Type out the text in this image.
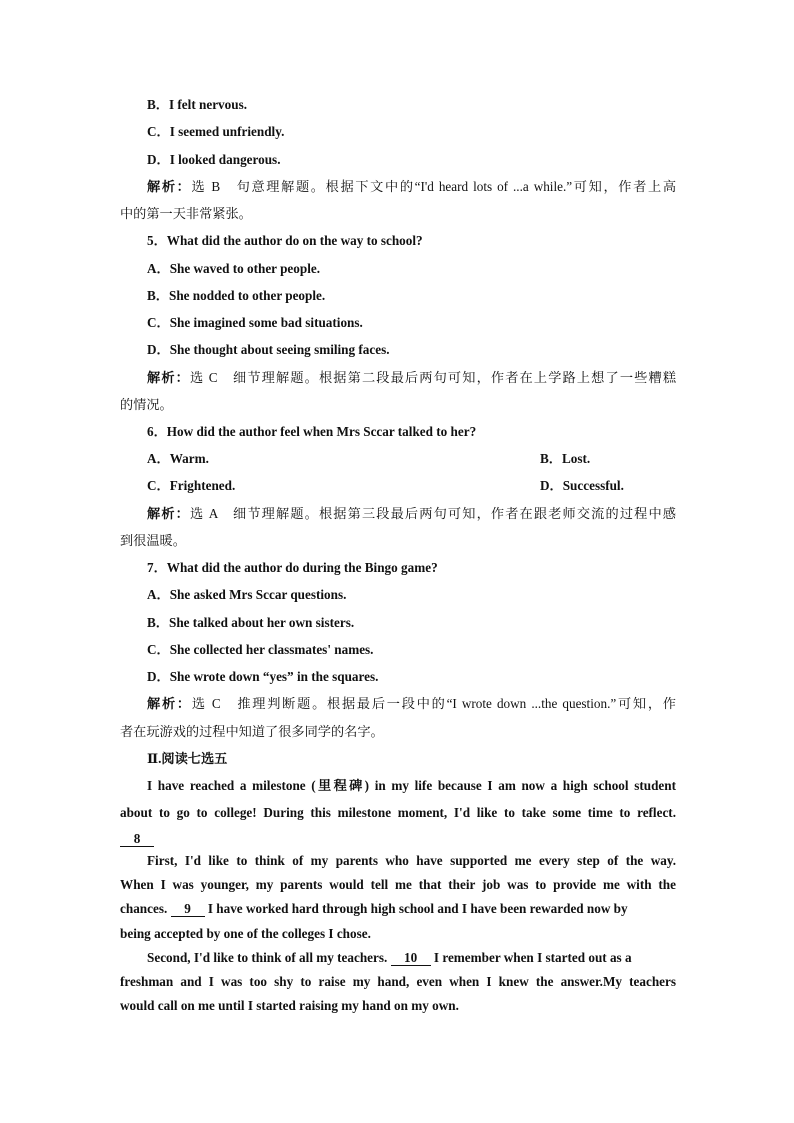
B．I felt nervous.
C．I seemed unfriendly.
D．I looked dangerous.
解析：选 B　句意理解题。根据下文中的“I'd heard lots of ...a while.”可知，作者上高
中的第一天非常紧张。
5．What did the author do on the way to school?
A．She waved to other people.
B．She nodded to other people.
C．She imagined some bad situations.
D．She thought about seeing smiling faces.
解析：选 C　细节理解题。根据第二段最后两句可知，作者在上学路上想了一些糟糕
的情况。
6．How did the author feel when Mrs Sccar talked to her?
A．Warm.	B．Lost.
C．Frightened.	D．Successful.
解析：选 A　细节理解题。根据第三段最后两句可知，作者在跟老师交流的过程中感
到很温暖。
7．What did the author do during the Bingo game?
A．She asked Mrs Sccar questions.
B．She talked about her own sisters.
C．She collected her classmates' names.
D．She wrote down “yes” in the squares.
解析：选 C　推理判断题。根据最后一段中的“I wrote down ...the question.”可知，作
者在玩游戏的过程中知道了很多同学的名字。
Ⅱ.阅读七选五
I have reached a milestone (里程碑) in my life because I am now a high school student
about to go to college! During this milestone moment, I'd like to take some time to reflect.
8
First, I'd like to think of my parents who have supported me every step of the way.
When I was younger, my parents would tell me that their job was to provide me with the
chances. 9 I have worked hard through high school and I have been rewarded now by
being accepted by one of the colleges I chose.
Second, I'd like to think of all my teachers. 10 I remember when I started out as a
freshman and I was too shy to raise my hand, even when I knew the answer.My teachers
would call on me until I started raising my hand on my own.
